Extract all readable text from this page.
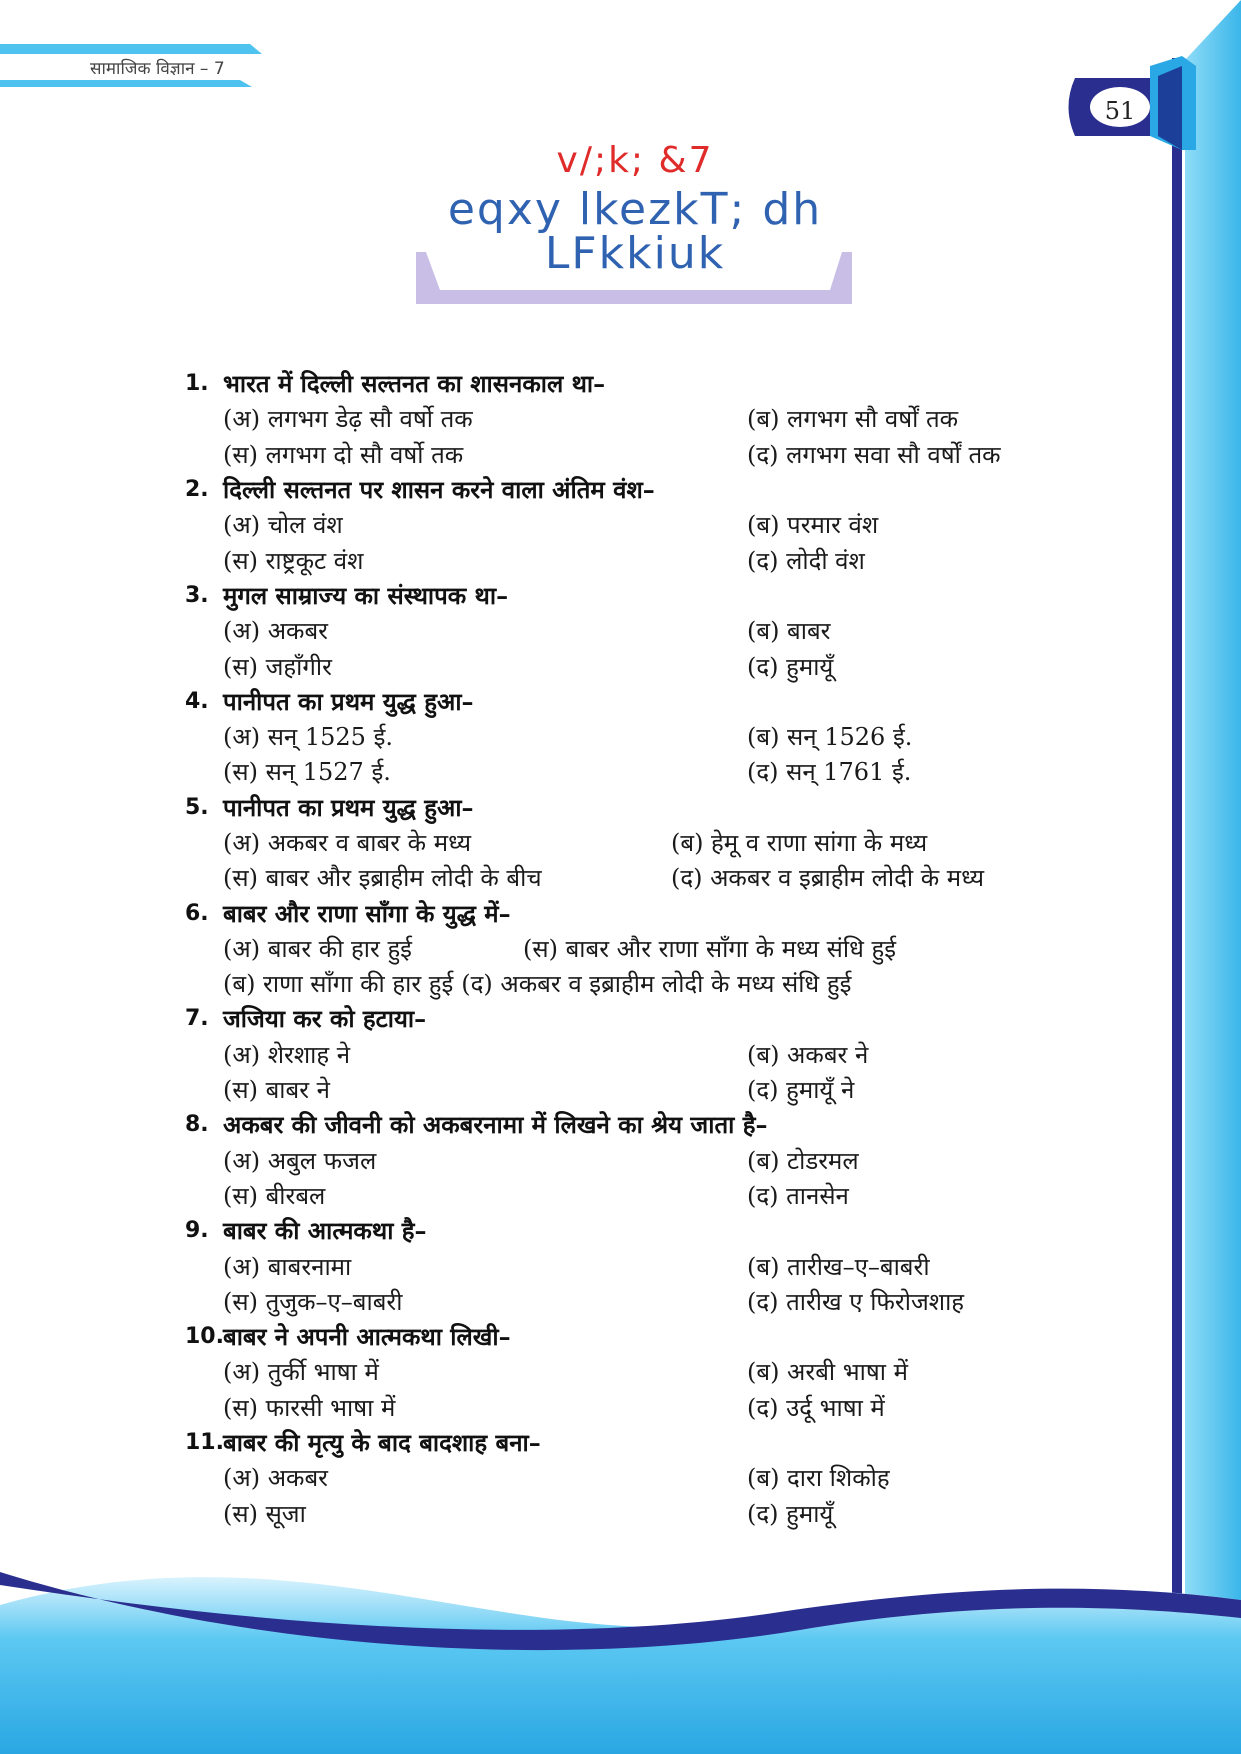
सामाजिक विज्ञान – 7
51
v/;k; &7
eqxy lkezkT; dh
LFkkiuk
1. भारत में दिल्ली सल्तनत का शासनकाल था–
(अ) लगभग डेढ़ सौ वर्षो तक	(ब) लगभग सौ वर्षों तक
(स) लगभग दो सौ वर्षो तक	(द) लगभग सवा सौ वर्षों तक
2. दिल्ली सल्तनत पर शासन करने वाला अंतिम वंश–
(अ) चोल वंश	(ब) परमार वंश
(स) राष्ट्रकूट वंश	(द) लोदी वंश
3. मुगल साम्राज्य का संस्थापक था–
(अ) अकबर	(ब) बाबर
(स) जहाँगीर	(द) हुमायूँ
4. पानीपत का प्रथम युद्ध हुआ–
(अ) सन् 1525 ई.	(ब) सन् 1526 ई.
(स) सन् 1527 ई.	(द) सन् 1761 ई.
5. पानीपत का प्रथम युद्ध हुआ–
(अ) अकबर व बाबर के मध्य	(ब) हेमू व राणा सांगा के मध्य
(स) बाबर और इब्राहीम लोदी के बीच	(द) अकबर व इब्राहीम लोदी के मध्य
6. बाबर और राणा साँगा के युद्ध में–
(अ) बाबर की हार हुई	(स) बाबर और राणा साँगा के मध्य संधि हुई
(ब) राणा साँगा की हार हुई (द) अकबर व इब्राहीम लोदी के मध्य संधि हुई
7. जजिया कर को हटाया–
(अ) शेरशाह ने	(ब) अकबर ने
(स) बाबर ने	(द) हुमायूँ ने
8. अकबर की जीवनी को अकबरनामा में लिखने का श्रेय जाता है–
(अ) अबुल फजल	(ब) टोडरमल
(स) बीरबल	(द) तानसेन
9. बाबर की आत्मकथा है–
(अ) बाबरनामा	(ब) तारीख–ए–बाबरी
(स) तुजुक–ए–बाबरी	(द) तारीख ए फिरोजशाह
10. बाबर ने अपनी आत्मकथा लिखी–
(अ) तुर्की भाषा में	(ब) अरबी भाषा में
(स) फारसी भाषा में	(द) उर्दू भाषा में
11. बाबर की मृत्यु के बाद बादशाह बना–
(अ) अकबर	(ब) दारा शिकोह
(स) सूजा	(द) हुमायूँ
